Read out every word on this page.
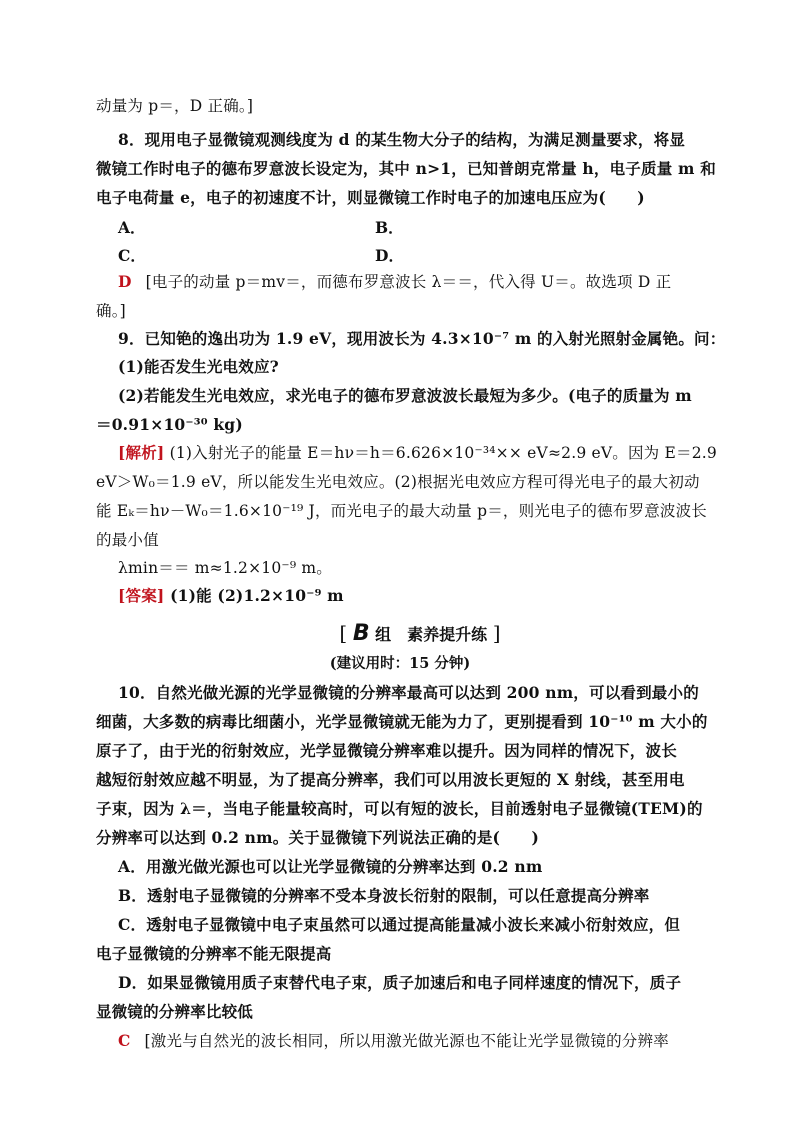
动量为 p＝，D 正确。]
8．现用电子显微镜观测线度为 d 的某生物大分子的结构，为满足测量要求，将显
微镜工作时电子的德布罗意波长设定为，其中 n>1，已知普朗克常量 h，电子质量 m 和
电子电荷量 e，电子的初速度不计，则显微镜工作时电子的加速电压应为(　　)
A．	B．
C．	D．
D [电子的动量 p＝mv＝，而德布罗意波长 λ＝＝，代入得 U＝。故选项 D 正
确。]
9．已知铯的逸出功为 1.9 eV，现用波长为 4.3×10⁻⁷ m 的入射光照射金属铯。问：
(1)能否发生光电效应?
(2)若能发生光电效应，求光电子的德布罗意波波长最短为多少。(电子的质量为 m
＝0.91×10⁻³⁰ kg)
[解析] (1)入射光子的能量 E＝hν＝h＝6.626×10⁻³⁴×× eV≈2.9 eV。因为 E＝2.9
eV＞W₀＝1.9 eV，所以能发生光电效应。(2)根据光电效应方程可得光电子的最大初动
能 Eₖ＝hν－W₀＝1.6×10⁻¹⁹ J，而光电子的最大动量 p＝，则光电子的德布罗意波波长
的最小值
λmin＝＝ m≈1.2×10⁻⁹ m。
[答案] (1)能 (2)1.2×10⁻⁹ m
[ B 组　素养提升练 ]
(建议用时：15 分钟)
10．自然光做光源的光学显微镜的分辨率最高可以达到 200 nm，可以看到最小的
细菌，大多数的病毒比细菌小，光学显微镜就无能为力了，更别提看到 10⁻¹⁰ m 大小的
原子了，由于光的衍射效应，光学显微镜分辨率难以提升。因为同样的情况下，波长
越短衍射效应越不明显，为了提高分辨率，我们可以用波长更短的 X 射线，甚至用电
子束，因为 λ＝，当电子能量较高时，可以有短的波长，目前透射电子显微镜(TEM)的
分辨率可以达到 0.2 nm。关于显微镜下列说法正确的是(　　)
A．用激光做光源也可以让光学显微镜的分辨率达到 0.2 nm
B．透射电子显微镜的分辨率不受本身波长衍射的限制，可以任意提高分辨率
C．透射电子显微镜中电子束虽然可以通过提高能量减小波长来减小衍射效应，但
电子显微镜的分辨率不能无限提高
D．如果显微镜用质子束替代电子束，质子加速后和电子同样速度的情况下，质子
显微镜的分辨率比较低
C [激光与自然光的波长相同，所以用激光做光源也不能让光学显微镜的分辨率
